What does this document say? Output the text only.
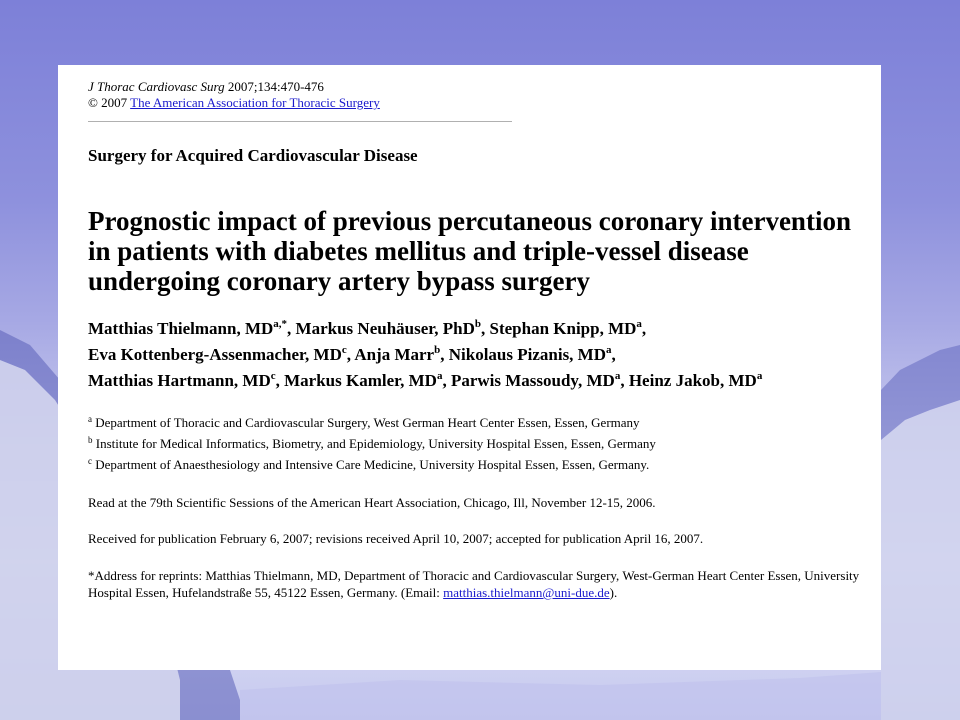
J Thorac Cardiovasc Surg 2007;134:470-476
© 2007 The American Association for Thoracic Surgery
Surgery for Acquired Cardiovascular Disease
Prognostic impact of previous percutaneous coronary intervention in patients with diabetes mellitus and triple-vessel disease undergoing coronary artery bypass surgery
Matthias Thielmann, $MD^{a,*}$, Markus Neuhäuser, PhD$^b$, Stephan Knipp, $MD^a$,
Eva Kottenberg-Assenmacher, $MD^c$, Anja Marr$^b$, Nikolaus Pizanis, $MD^a$,
Matthias Hartmann, $MD^c$, Markus Kamler, $MD^a$, Parwis Massoudy, $MD^a$, Heinz Jakob, $MD^a$
$^a$ Department of Thoracic and Cardiovascular Surgery, West German Heart Center Essen, Essen, Germany
$^b$ Institute for Medical Informatics, Biometry, and Epidemiology, University Hospital Essen, Essen, Germany
$^c$ Department of Anaesthesiology and Intensive Care Medicine, University Hospital Essen, Essen, Germany.
Read at the 79th Scientific Sessions of the American Heart Association, Chicago, Ill, November 12-15, 2006.
Received for publication February 6, 2007; revisions received April 10, 2007; accepted for publication April 16, 2007.
*Address for reprints: Matthias Thielmann, MD, Department of Thoracic and Cardiovascular Surgery, West-German Heart Center Essen, University Hospital Essen, Hufelandstraße 55, 45122 Essen, Germany. (Email: matthias.thielmann@uni-due.de).
